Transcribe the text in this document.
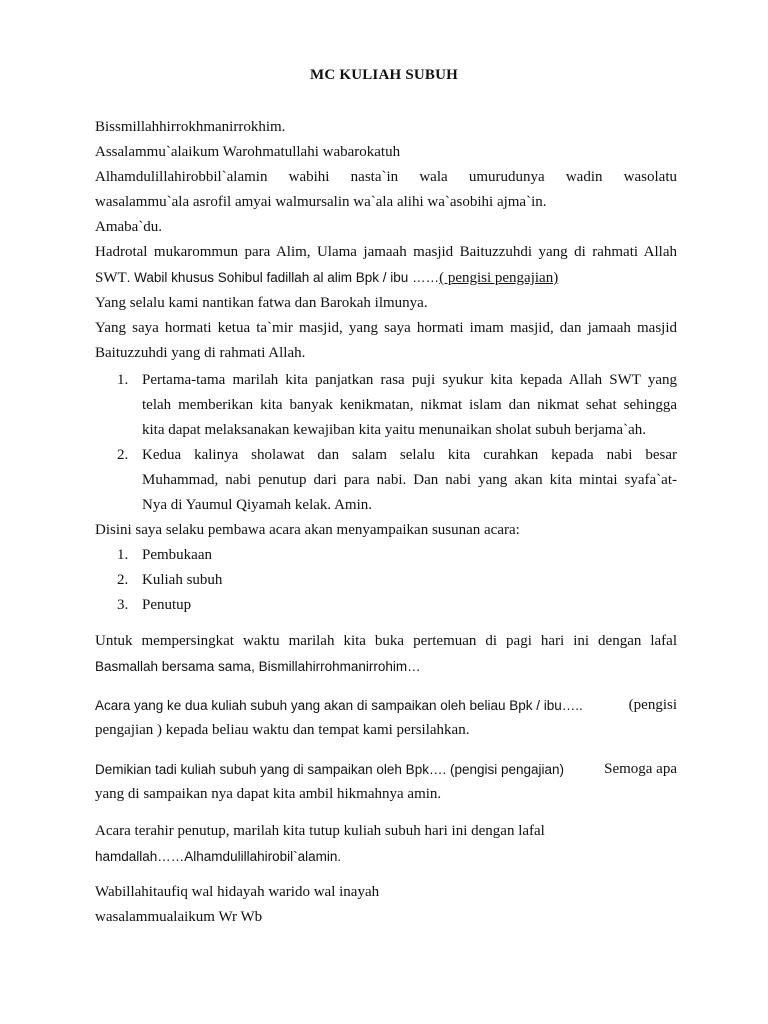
MC KULIAH SUBUH
Bissmillahhirrokhmanirrokhim.
Assalammu`alaikum Warohmatullahi wabarokatuh
Alhamdulillahirobbil`alamin wabihi nasta`in wala umurudunya wadin wasolatu
wasalammu`ala asrofil amyai walmursalin wa`ala alihi wa`asobihi ajma`in.
Amaba`du.
Hadrotal mukarommun para Alim, Ulama jamaah masjid Baituzzuhdi yang di rahmati Allah
SWT. Wabil khusus Sohibul fadillah al alim Bpk / ibu ……( pengisi pengajian)
Yang selalu kami nantikan fatwa dan Barokah ilmunya.
Yang saya hormati ketua ta`mir masjid, yang saya hormati imam masjid, dan jamaah masjid
Baituzzuhdi yang di rahmati Allah.
1. Pertama-tama marilah kita panjatkan rasa puji syukur kita kepada Allah SWT yang
telah memberikan kita banyak kenikmatan, nikmat islam dan nikmat sehat sehingga
kita dapat melaksanakan kewajiban kita yaitu menunaikan sholat subuh berjama`ah.
2. Kedua kalinya sholawat dan salam selalu kita curahkan kepada nabi besar
Muhammad, nabi penutup dari para nabi. Dan nabi yang akan kita mintai syafa`at-
Nya di Yaumul Qiyamah kelak. Amin.
Disini saya selaku pembawa acara akan menyampaikan susunan acara:
1. Pembukaan
2. Kuliah subuh
3. Penutup
Untuk mempersingkat waktu marilah kita buka pertemuan di pagi hari ini dengan lafal
Basmallah bersama sama, Bismillahirrohmanirrohim…
Acara yang ke dua kuliah subuh yang akan di sampaikan oleh beliau Bpk / ibu…..	(pengisi
pengajian ) kepada beliau waktu dan tempat kami persilahkan.
Demikian tadi kuliah subuh yang di sampaikan oleh Bpk…. (pengisi pengajian)	Semoga apa
yang di sampaikan nya dapat kita ambil hikmahnya amin.
Acara terahir penutup, marilah kita tutup kuliah subuh hari ini dengan lafal
hamdallah……Alhamdulillahirobil`alamin.
Wabillahitaufiq wal hidayah warido wal inayah
wasalammualaikum Wr Wb
